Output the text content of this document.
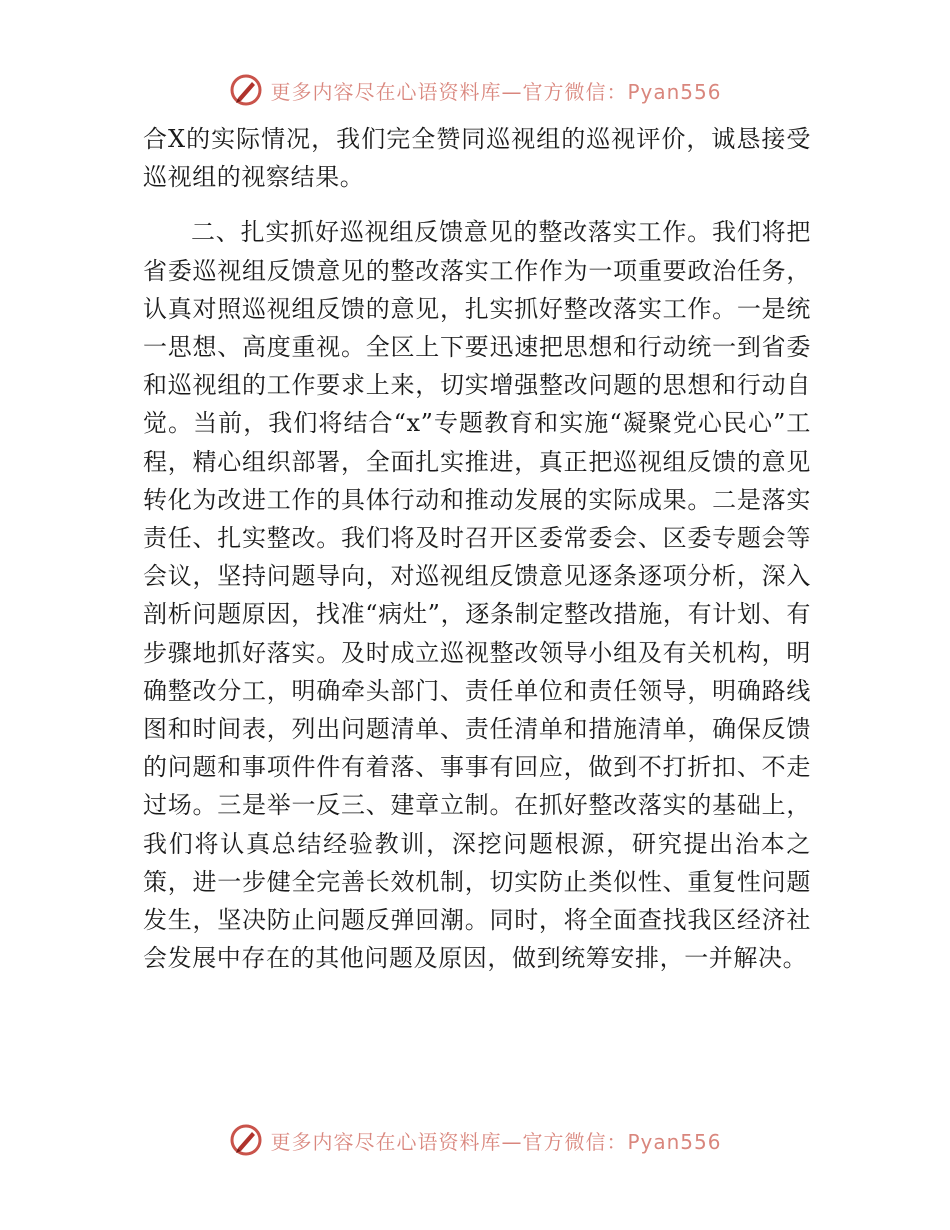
更多内容尽在心语资料库—官方微信：Pyan556

合X的实际情况，我们完全赞同巡视组的巡视评价，诚恳接受巡视组的视察结果。

二、扎实抓好巡视组反馈意见的整改落实工作。我们将把省委巡视组反馈意见的整改落实工作作为一项重要政治任务，认真对照巡视组反馈的意见，扎实抓好整改落实工作。一是统一思想、高度重视。全区上下要迅速把思想和行动统一到省委和巡视组的工作要求上来，切实增强整改问题的思想和行动自觉。当前，我们将结合“x”专题教育和实施“凝聚党心民心”工程，精心组织部署，全面扎实推进，真正把巡视组反馈的意见转化为改进工作的具体行动和推动发展的实际成果。二是落实责任、扎实整改。我们将及时召开区委常委会、区委专题会等会议，坚持问题导向，对巡视组反馈意见逐条逐项分析，深入剖析问题原因，找准“病灶”，逐条制定整改措施，有计划、有步骤地抓好落实。及时成立巡视整改领导小组及有关机构，明确整改分工，明确牵头部门、责任单位和责任领导，明确路线图和时间表，列出问题清单、责任清单和措施清单，确保反馈的问题和事项件件有着落、事事有回应，做到不打折扣、不走过场。三是举一反三、建章立制。在抓好整改落实的基础上，我们将认真总结经验教训，深挖问题根源，研究提出治本之策，进一步健全完善长效机制，切实防止类似性、重复性问题发生，坚决防止问题反弹回潮。同时，将全面查找我区经济社会发展中存在的其他问题及原因，做到统筹安排，一并解决。

更多内容尽在心语资料库—官方微信：Pyan556
